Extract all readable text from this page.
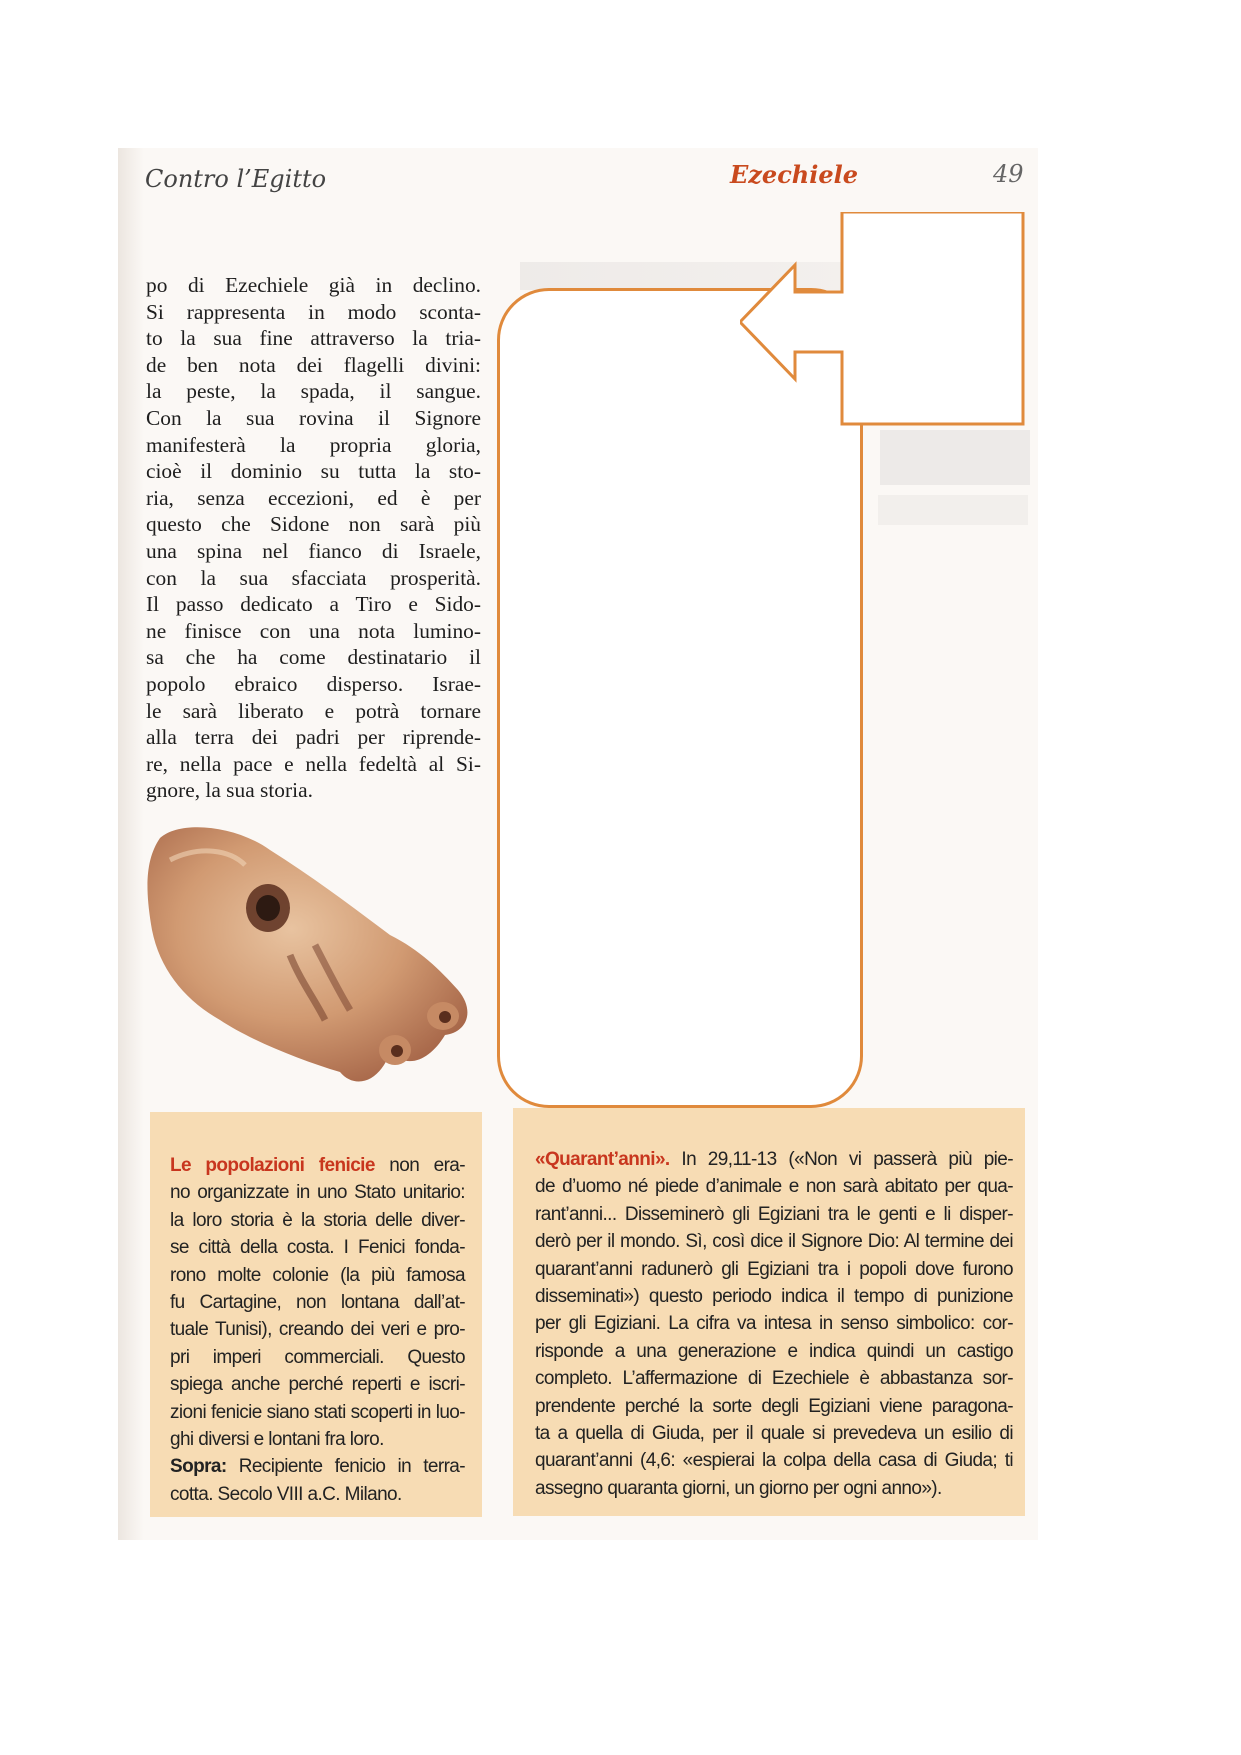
Contro l’Egitto	Ezechiele	49

po di Ezechiele già in declino.
Si rappresenta in modo sconta-
to la sua fine attraverso la tria-
de ben nota dei flagelli divini:
la peste, la spada, il sangue.
Con la sua rovina il Signore
manifesterà la propria gloria,
cioè il dominio su tutta la sto-
ria, senza eccezioni, ed è per
questo che Sidone non sarà più
una spina nel fianco di Israele,
con la sua sfacciata prosperità.
Il passo dedicato a Tiro e Sido-
ne finisce con una nota lumino-
sa che ha come destinatario il
popolo ebraico disperso. Israe-
le sarà liberato e potrà tornare
alla terra dei padri per riprende-
re, nella pace e nella fedeltà al Si-
gnore, la sua storia.

Le popolazioni fenicie non era-
no organizzate in uno Stato unitario:
la loro storia è la storia delle diver-
se città della costa. I Fenici fonda-
rono molte colonie (la più famosa
fu Cartagine, non lontana dall’at-
tuale Tunisi), creando dei veri e pro-
pri imperi commerciali. Questo
spiega anche perché reperti e iscri-
zioni fenicie siano stati scoperti in luo-
ghi diversi e lontani fra loro.
Sopra: Recipiente fenicio in terra-
cotta. Secolo VIII a.C. Milano.

«Quarant’anni». In 29,11-13 («Non vi passerà più pie-
de d’uomo né piede d’animale e non sarà abitato per qua-
rant’anni... Disseminerò gli Egiziani tra le genti e li disper-
derò per il mondo. Sì, così dice il Signore Dio: Al termine dei
quarant’anni radunerò gli Egiziani tra i popoli dove furono
disseminati») questo periodo indica il tempo di punizione
per gli Egiziani. La cifra va intesa in senso simbolico: cor-
risponde a una generazione e indica quindi un castigo
completo. L’affermazione di Ezechiele è abbastanza sor-
prendente perché la sorte degli Egiziani viene paragona-
ta a quella di Giuda, per il quale si prevedeva un esilio di
quarant’anni (4,6: «espierai la colpa della casa di Giuda; ti
assegno quaranta giorni, un giorno per ogni anno»).
